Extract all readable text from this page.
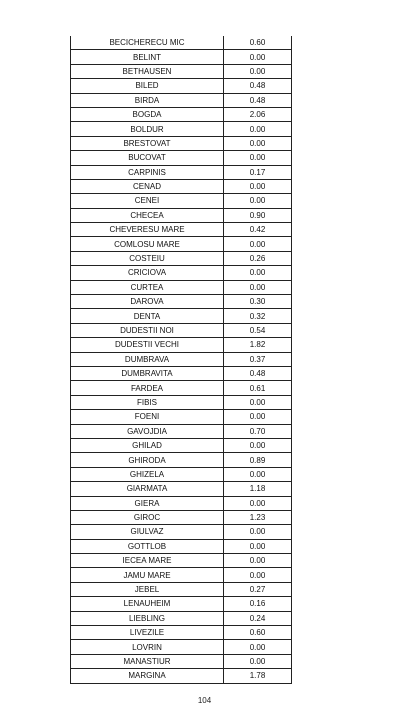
BECICHERECU MIC	0.60
BELINT	0.00
BETHAUSEN	0.00
BILED	0.48
BIRDA	0.48
BOGDA	2.06
BOLDUR	0.00
BRESTOVAT	0.00
BUCOVAT	0.00
CARPINIS	0.17
CENAD	0.00
CENEI	0.00
CHECEA	0.90
CHEVERESU MARE	0.42
COMLOSU MARE	0.00
COSTEIU	0.26
CRICIOVA	0.00
CURTEA	0.00
DAROVA	0.30
DENTA	0.32
DUDESTII NOI	0.54
DUDESTII VECHI	1.82
DUMBRAVA	0.37
DUMBRAVITA	0.48
FARDEA	0.61
FIBIS	0.00
FOENI	0.00
GAVOJDIA	0.70
GHILAD	0.00
GHIRODA	0.89
GHIZELA	0.00
GIARMATA	1.18
GIERA	0.00
GIROC	1.23
GIULVAZ	0.00
GOTTLOB	0.00
IECEA MARE	0.00
JAMU MARE	0.00
JEBEL	0.27
LENAUHEIM	0.16
LIEBLING	0.24
LIVEZILE	0.60
LOVRIN	0.00
MANASTIUR	0.00
MARGINA	1.78
104
